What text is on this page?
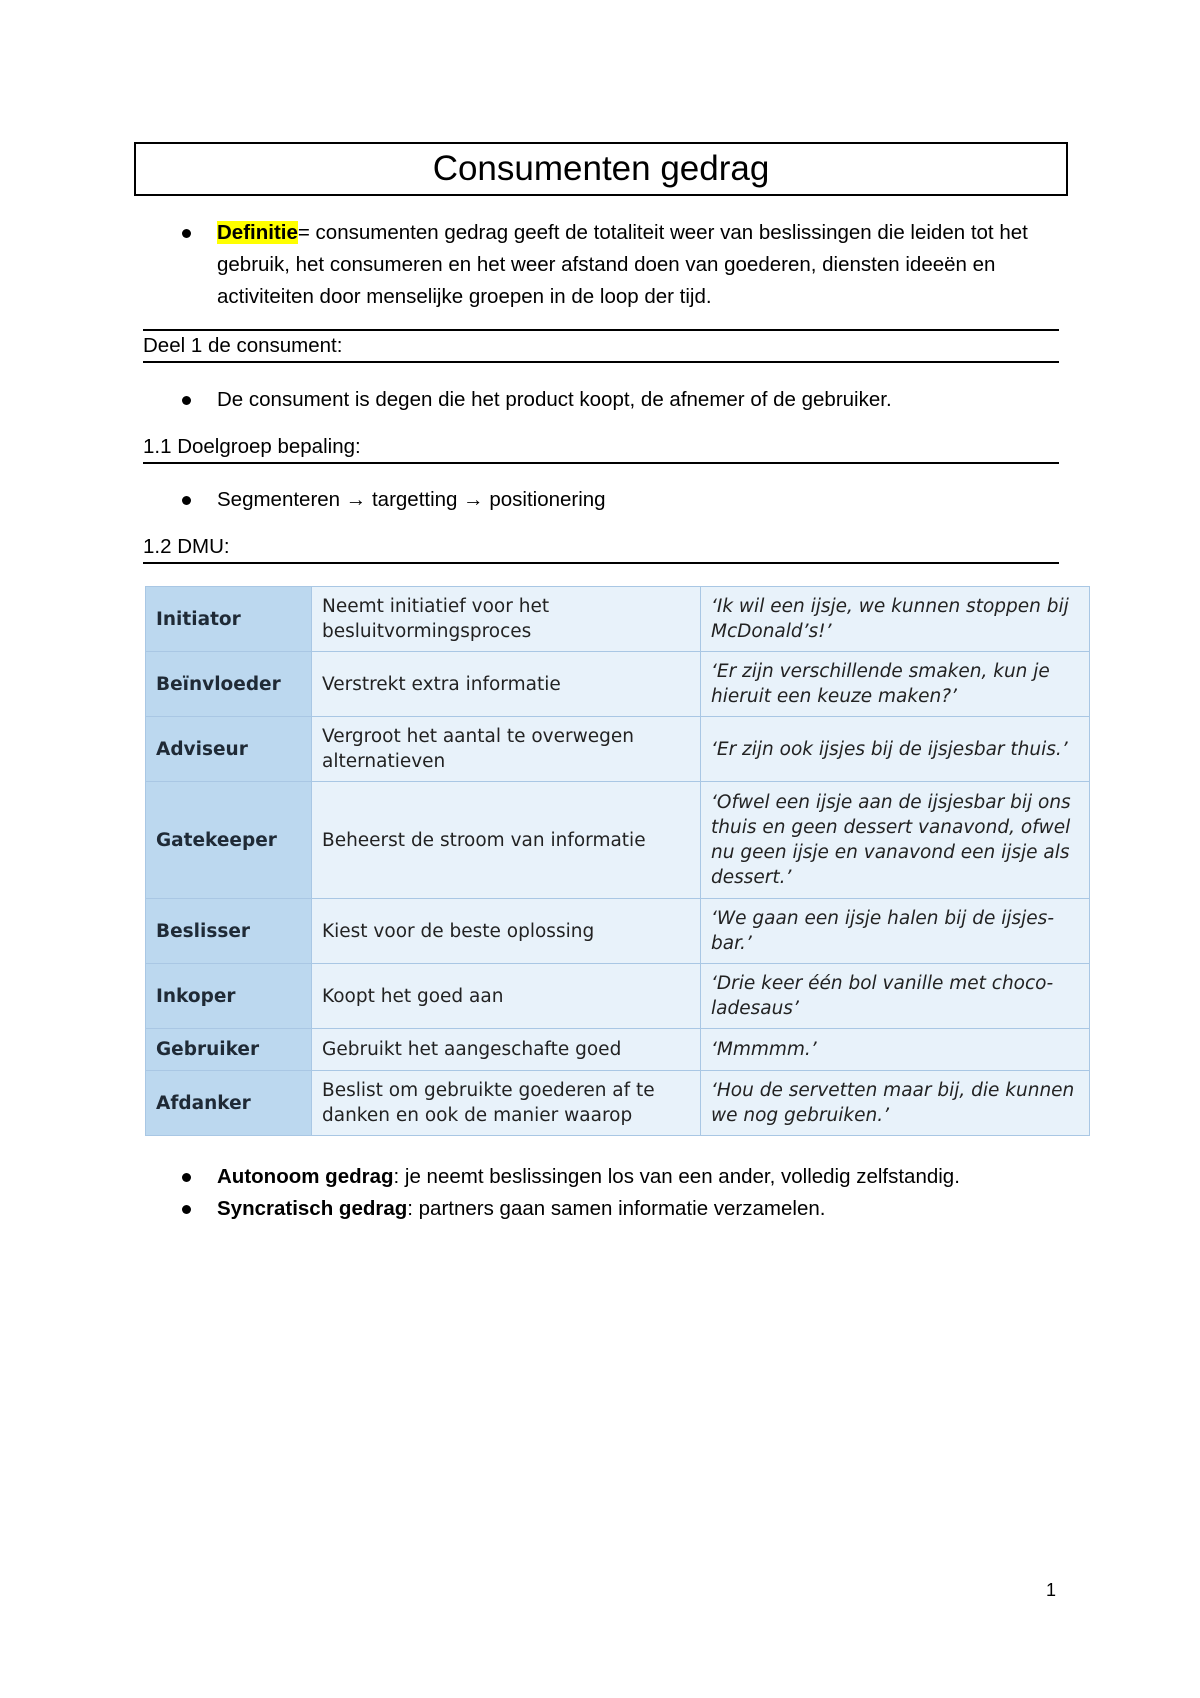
Consumenten gedrag
Definitie= consumenten gedrag geeft de totaliteit weer van beslissingen die leiden tot het gebruik, het consumeren en het weer afstand doen van goederen, diensten ideeën en activiteiten door menselijke groepen in de loop der tijd.
Deel 1 de consument:
De consument is degen die het product koopt, de afnemer of de gebruiker.
1.1 Doelgroep bepaling:
Segmenteren → targetting → positionering
1.2 DMU:
Initiator	Neemt initiatief voor het besluitvormingsproces	‘Ik wil een ijsje, we kunnen stoppen bij McDonald’s!’
Beïnvloeder	Verstrekt extra informatie	‘Er zijn verschillende smaken, kun je hieruit een keuze maken?’
Adviseur	Vergroot het aantal te overwegen alternatieven	‘Er zijn ook ijsjes bij de ijsjesbar thuis.’
Gatekeeper	Beheerst de stroom van informatie	‘Ofwel een ijsje aan de ijsjesbar bij ons thuis en geen dessert vanavond, ofwel nu geen ijsje en vanavond een ijsje als dessert.’
Beslisser	Kiest voor de beste oplossing	‘We gaan een ijsje halen bij de ijsjes-bar.’
Inkoper	Koopt het goed aan	‘Drie keer één bol vanille met choco-ladesaus’
Gebruiker	Gebruikt het aangeschafte goed	‘Mmmmm.’
Afdanker	Beslist om gebruikte goederen af te danken en ook de manier waarop	‘Hou de servetten maar bij, die kunnen we nog gebruiken.’
Autonoom gedrag: je neemt beslissingen los van een ander, volledig zelfstandig.
Syncratisch gedrag: partners gaan samen informatie verzamelen.
1
